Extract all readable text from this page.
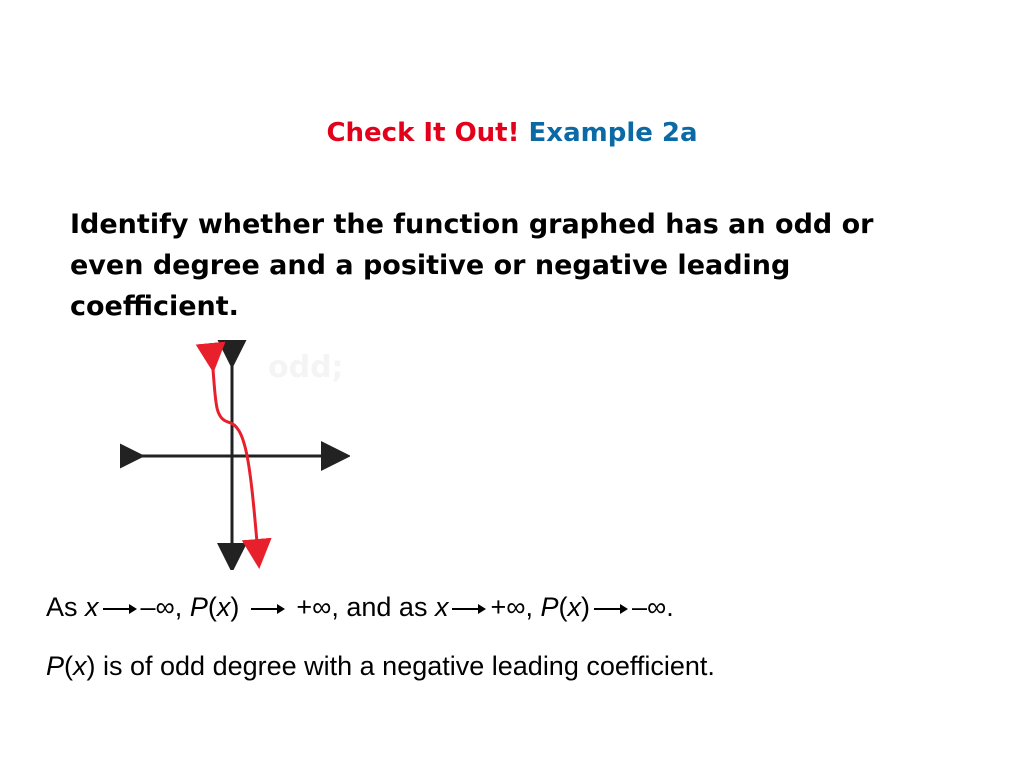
Check It Out! Example 2a
Identify whether the function graphed has an odd or even degree and a positive or negative leading coefficient.
odd;
As x –∞, P(x) +∞, and as x +∞, P(x) –∞.
P(x) is of odd degree with a negative leading coefficient.
